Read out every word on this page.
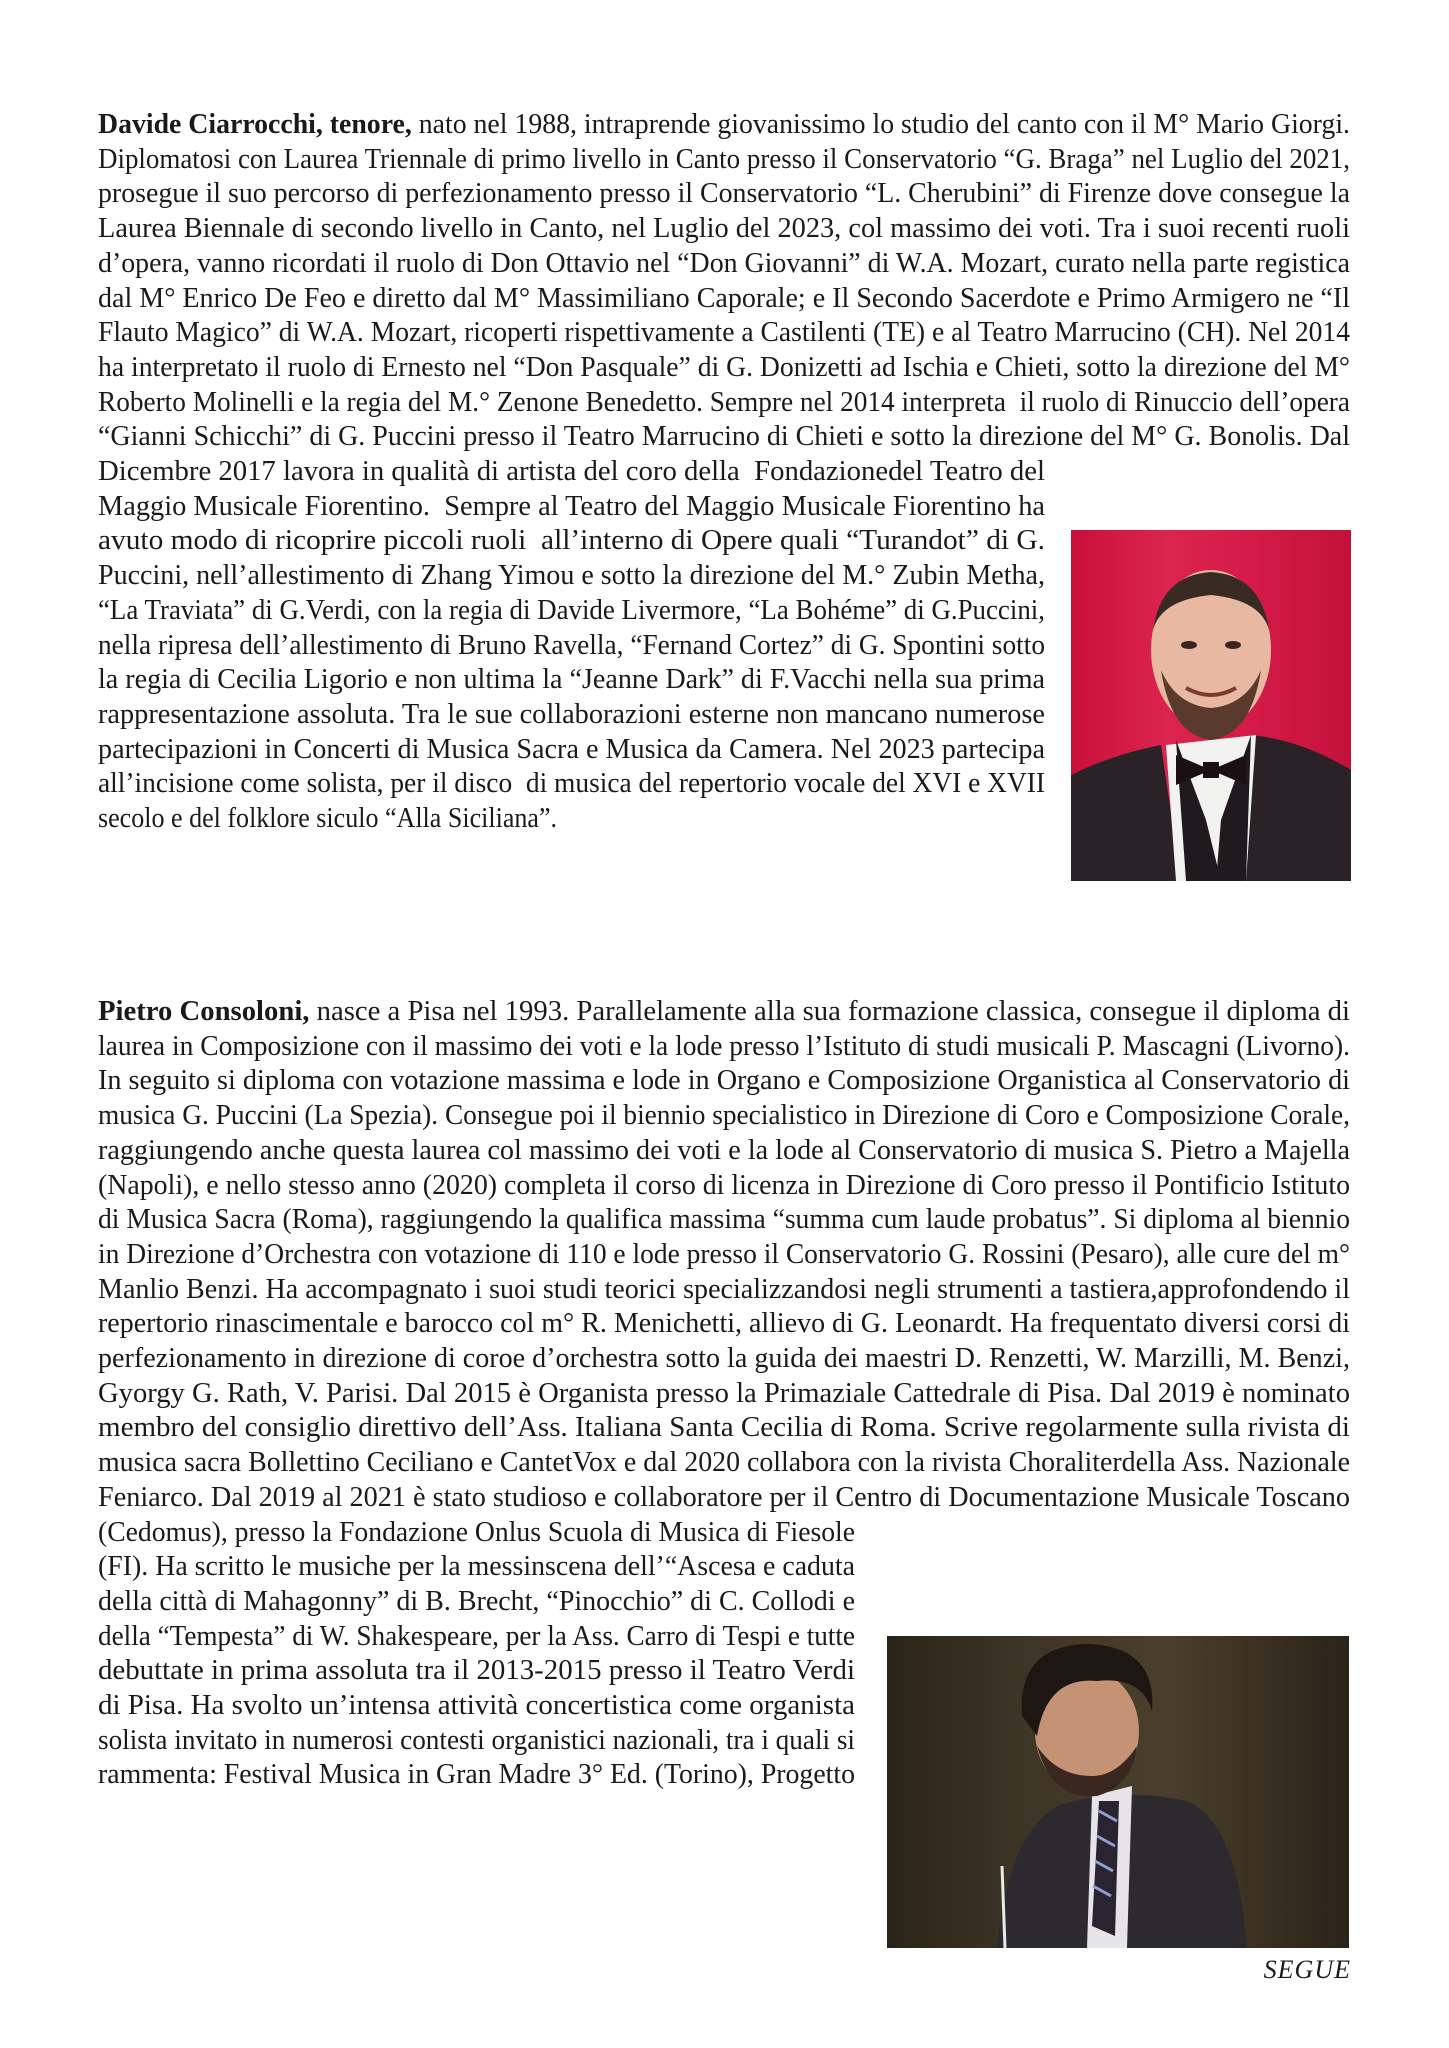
Davide Ciarrocchi, tenore, nato nel 1988, intraprende giovanissimo lo studio del canto con il M° Mario Giorgi.
Diplomatosi con Laurea Triennale di primo livello in Canto presso il Conservatorio “G. Braga” nel Luglio del 2021,
prosegue il suo percorso di perfezionamento presso il Conservatorio “L. Cherubini” di Firenze dove consegue la
Laurea Biennale di secondo livello in Canto, nel Luglio del 2023, col massimo dei voti. Tra i suoi recenti ruoli
d’opera, vanno ricordati il ruolo di Don Ottavio nel “Don Giovanni” di W.A. Mozart, curato nella parte registica
dal M° Enrico De Feo e diretto dal M° Massimiliano Caporale; e Il Secondo Sacerdote e Primo Armigero ne “Il
Flauto Magico” di W.A. Mozart, ricoperti rispettivamente a Castilenti (TE) e al Teatro Marrucino (CH). Nel 2014
ha interpretato il ruolo di Ernesto nel “Don Pasquale” di G. Donizetti ad Ischia e Chieti, sotto la direzione del M°
Roberto Molinelli e la regia del M.° Zenone Benedetto. Sempre nel 2014 interpreta  il ruolo di Rinuccio dell’opera
“Gianni Schicchi” di G. Puccini presso il Teatro Marrucino di Chieti e sotto la direzione del M° G. Bonolis. Dal
Dicembre 2017 lavora in qualità di artista del coro della  Fondazionedel Teatro del
Maggio Musicale Fiorentino.  Sempre al Teatro del Maggio Musicale Fiorentino ha
avuto modo di ricoprire piccoli ruoli  all’interno di Opere quali “Turandot” di G.
Puccini, nell’allestimento di Zhang Yimou e sotto la direzione del M.° Zubin Metha,
“La Traviata” di G.Verdi, con la regia di Davide Livermore, “La Bohéme” di G.Puccini,
nella ripresa dell’allestimento di Bruno Ravella, “Fernand Cortez” di G. Spontini sotto
la regia di Cecilia Ligorio e non ultima la “Jeanne Dark” di F.Vacchi nella sua prima
rappresentazione assoluta. Tra le sue collaborazioni esterne non mancano numerose
partecipazioni in Concerti di Musica Sacra e Musica da Camera. Nel 2023 partecipa
all’incisione come solista, per il disco  di musica del repertorio vocale del XVI e XVII
secolo e del folklore siculo “Alla Siciliana”.
Pietro Consoloni, nasce a Pisa nel 1993. Parallelamente alla sua formazione classica, consegue il diploma di
laurea in Composizione con il massimo dei voti e la lode presso l’Istituto di studi musicali P. Mascagni (Livorno).
In seguito si diploma con votazione massima e lode in Organo e Composizione Organistica al Conservatorio di
musica G. Puccini (La Spezia). Consegue poi il biennio specialistico in Direzione di Coro e Composizione Corale,
raggiungendo anche questa laurea col massimo dei voti e la lode al Conservatorio di musica S. Pietro a Majella
(Napoli), e nello stesso anno (2020) completa il corso di licenza in Direzione di Coro presso il Pontificio Istituto
di Musica Sacra (Roma), raggiungendo la qualifica massima “summa cum laude probatus”. Si diploma al biennio
in Direzione d’Orchestra con votazione di 110 e lode presso il Conservatorio G. Rossini (Pesaro), alle cure del m°
Manlio Benzi. Ha accompagnato i suoi studi teorici specializzandosi negli strumenti a tastiera,approfondendo il
repertorio rinascimentale e barocco col m° R. Menichetti, allievo di G. Leonardt. Ha frequentato diversi corsi di
perfezionamento in direzione di coroe d’orchestra sotto la guida dei maestri D. Renzetti, W. Marzilli, M. Benzi,
Gyorgy G. Rath, V. Parisi. Dal 2015 è Organista presso la Primaziale Cattedrale di Pisa. Dal 2019 è nominato
membro del consiglio direttivo dell’Ass. Italiana Santa Cecilia di Roma. Scrive regolarmente sulla rivista di
musica sacra Bollettino Ceciliano e CantetVox e dal 2020 collabora con la rivista Choraliterdella Ass. Nazionale
Feniarco. Dal 2019 al 2021 è stato studioso e collaboratore per il Centro di Documentazione Musicale Toscano
(Cedomus), presso la Fondazione Onlus Scuola di Musica di Fiesole
(FI). Ha scritto le musiche per la messinscena dell’“Ascesa e caduta
della città di Mahagonny” di B. Brecht, “Pinocchio” di C. Collodi e
della “Tempesta” di W. Shakespeare, per la Ass. Carro di Tespi e tutte
debuttate in prima assoluta tra il 2013-2015 presso il Teatro Verdi
di Pisa. Ha svolto un’intensa attività concertistica come organista
solista invitato in numerosi contesti organistici nazionali, tra i quali si
rammenta: Festival Musica in Gran Madre 3° Ed. (Torino), Progetto
SEGUE
